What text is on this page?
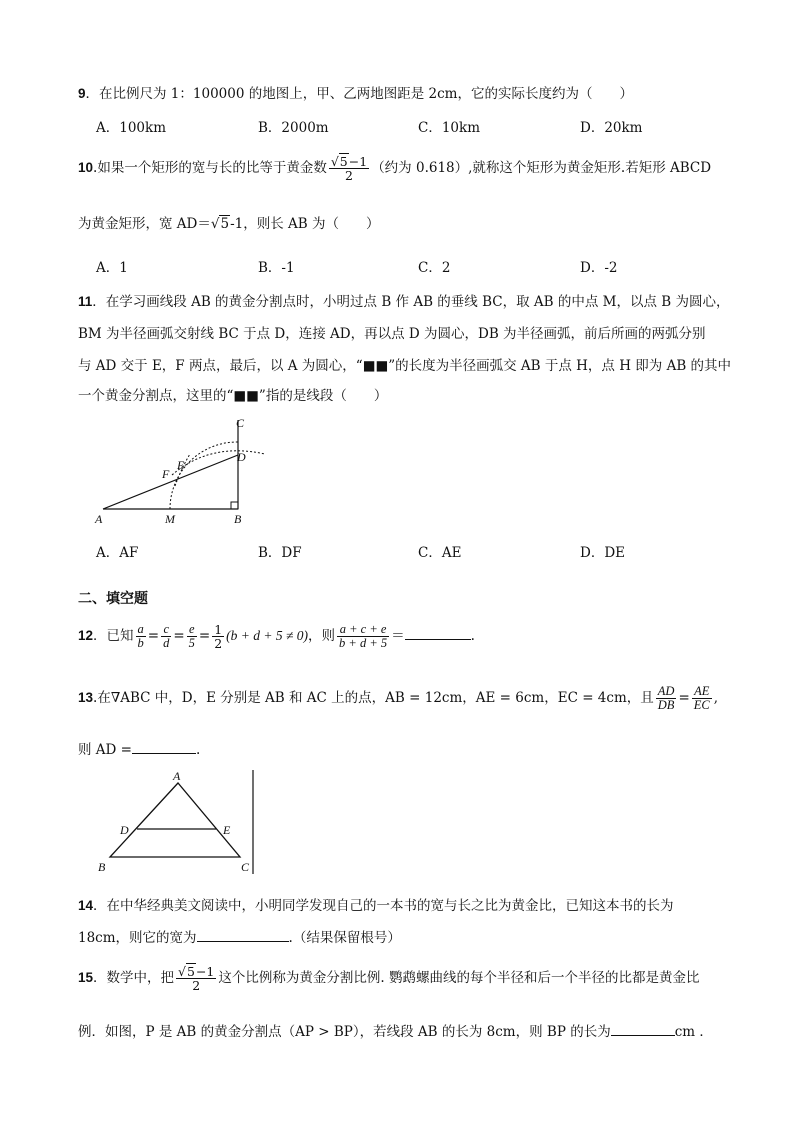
9．在比例尺为 1：100000 的地图上，甲、乙两地图距是 2cm，它的实际长度约为（　　）
A．100km	B．2000m	C．10km	D．20km
10.如果一个矩形的宽与长的比等于黄金数 $\frac{√5-1}{2}$ （约为 0.618）,就称这个矩形为黄金矩形.若矩形 ABCD
为黄金矩形，宽 AD＝√5-1，则长 AB 为（　　）
A．1	B．-1	C．2	D．-2
11．在学习画线段 AB 的黄金分割点时，小明过点 B 作 AB 的垂线 BC，取 AB 的中点 M，以点 B 为圆心，
BM 为半径画弧交射线 BC 于点 D，连接 AD，再以点 D 为圆心，DB 为半径画弧，前后所画的两弧分别
与 AD 交于 E，F 两点，最后，以 A 为圆心，“■■”的长度为半径画弧交 AB 于点 H，点 H 即为 AB 的其中
一个黄金分割点，这里的“■■”指的是线段（　　）
C
D
E
F
A	M	B
A．AF	B．DF	C．AE	D．DE
二、填空题
12．已知 $\frac{a}{b} = \frac{c}{d} = \frac{e}{5} = \frac{1}{2} (b + d + 5 \ne 0)$，则 $\frac{a + c + e}{b + d + 5}$ ＝	.
13.在∇ABC 中，D，E 分别是 AB 和 AC 上的点，AB = 12cm，AE = 6cm，EC = 4cm，且 $\frac{AD}{DB} = \frac{AE}{EC}$ ,
则 AD =	.
A
D	E
B	C
14．在中华经典美文阅读中，小明同学发现自己的一本书的宽与长之比为黄金比，已知这本书的长为
18cm，则它的宽为	.（结果保留根号）
15．数学中，把 $\frac{√5-1}{2}$ 这个比例称为黄金分割比例. 鹦鹉螺曲线的每个半径和后一个半径的比都是黄金比
例．如图，P 是 AB 的黄金分割点（AP > BP），若线段 AB 的长为 8cm，则 BP 的长为	cm ．
